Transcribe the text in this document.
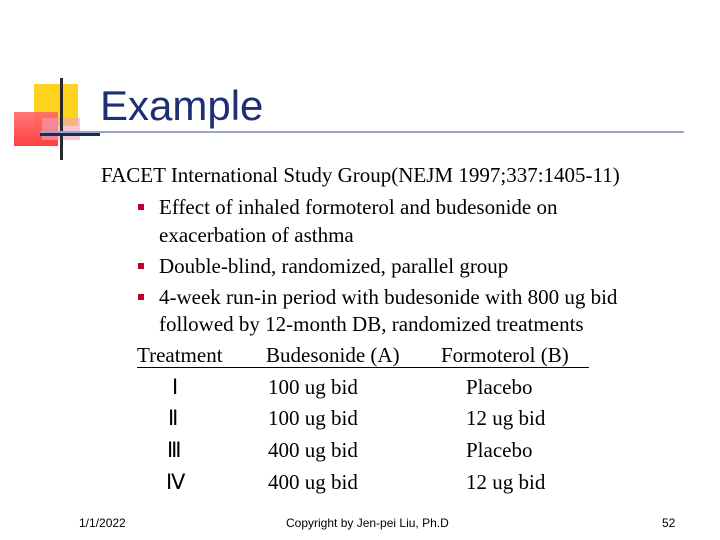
Example
FACET International Study Group(NEJM 1997;337:1405-11)
Effect of inhaled formoterol and budesonide on
exacerbation of asthma
Double-blind, randomized, parallel group
4-week run-in period with budesonide with 800 ug bid
followed by 12-month DB, randomized treatments
Treatment Budesonide (A) Formoterol (B)
Ⅰ	100 ug bid	Placebo
Ⅱ	100 ug bid	12 ug bid
Ⅲ	400 ug bid	Placebo
Ⅳ	400 ug bid	12 ug bid
1/1/2022	Copyright by Jen-pei Liu, Ph.D	52
